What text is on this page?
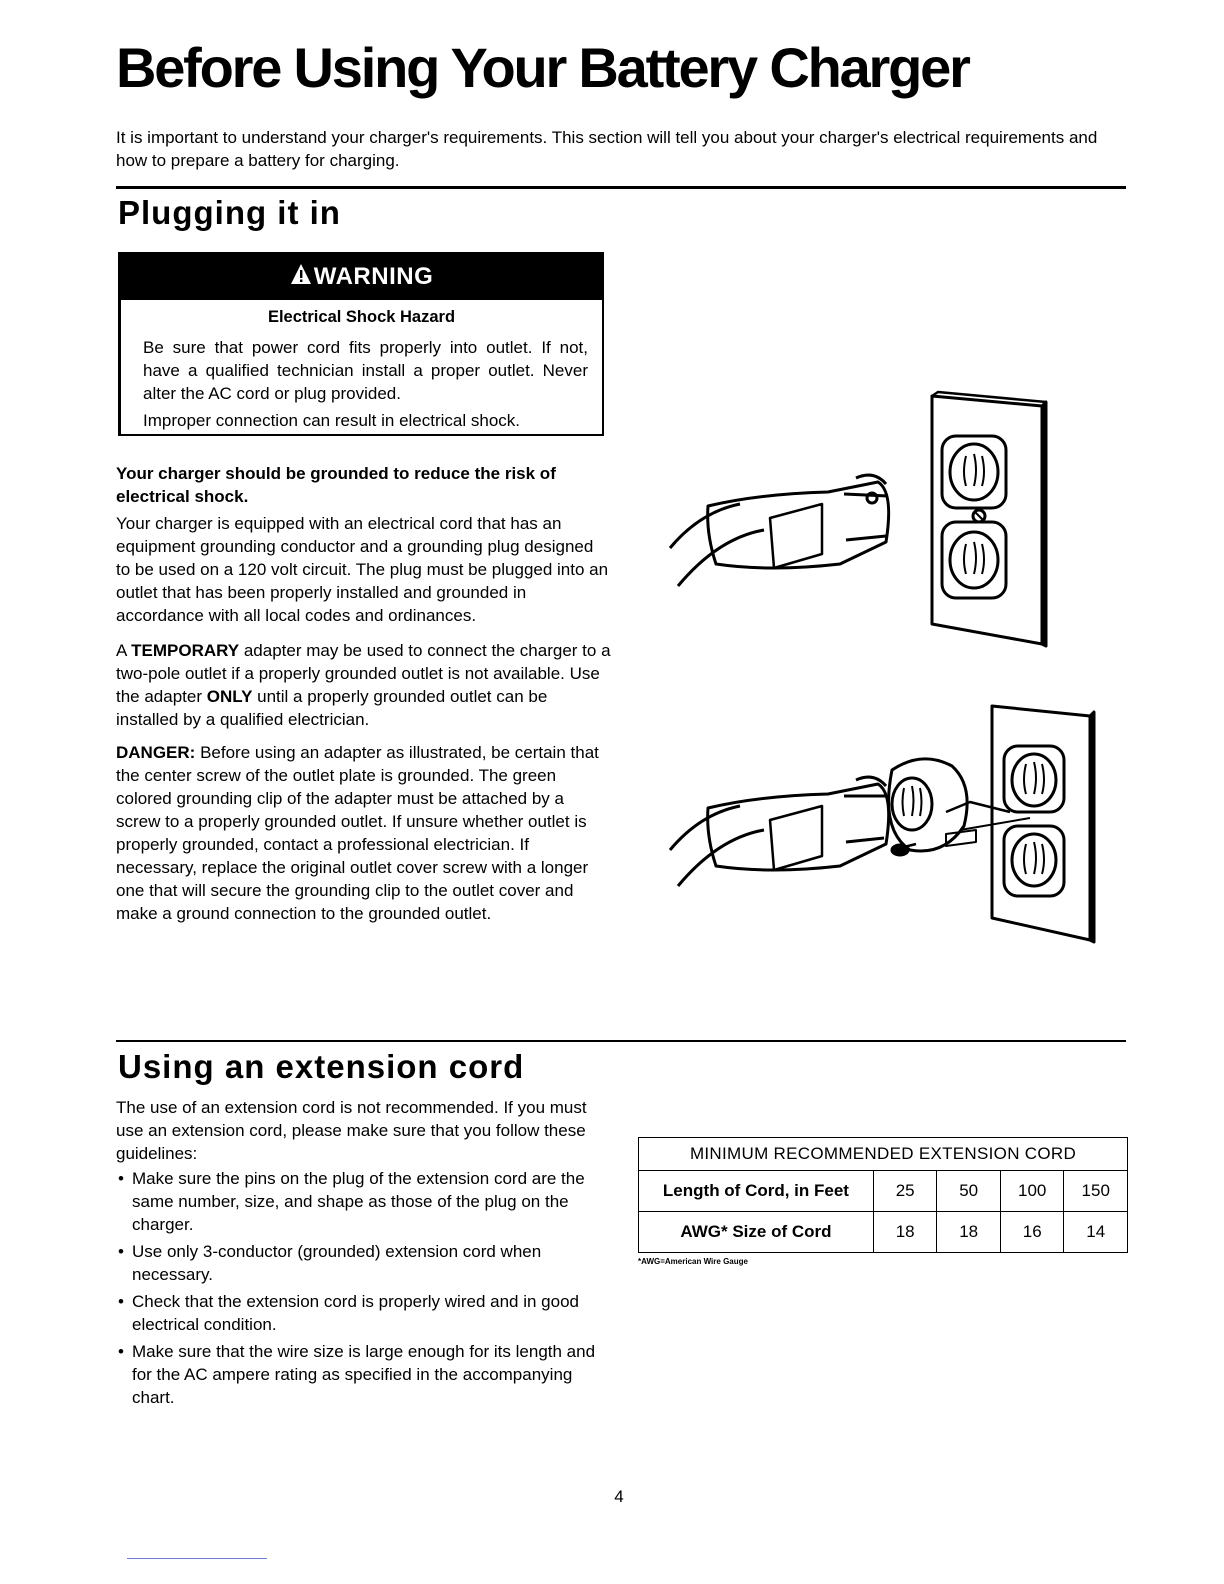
Before Using Your Battery Charger
It is important to understand your charger's requirements. This section will tell you about your charger's electrical requirements and how to prepare a battery for charging.
Plugging it in
WARNING
Electrical Shock Hazard

Be sure that power cord fits properly into outlet. If not, have a qualified technician install a proper outlet. Never alter the AC cord or plug provided.

Improper connection can result in electrical shock.

Your charger should be grounded to reduce the risk of electrical shock.

Your charger is equipped with an electrical cord that has an equipment grounding conductor and a grounding plug designed to be used on a 120 volt circuit. The plug must be plugged into an outlet that has been properly installed and grounded in accordance with all local codes and ordinances.

A TEMPORARY adapter may be used to connect the charger to a two-pole outlet if a properly grounded outlet is not available. Use the adapter ONLY until a properly grounded outlet can be installed by a qualified electrician.

DANGER: Before using an adapter as illustrated, be certain that the center screw of the outlet plate is grounded. The green colored grounding clip of the adapter must be attached by a screw to a properly grounded outlet. If unsure whether outlet is properly grounded, contact a professional electrician. If necessary, replace the original outlet cover screw with a longer one that will secure the grounding clip to the outlet cover and make a ground connection to the grounded outlet.

Using an extension cord

The use of an extension cord is not recommended. If you must use an extension cord, please make sure that you follow these guidelines:

• Make sure the pins on the plug of the extension cord are the same number, size, and shape as those of the plug on the charger.
• Use only 3-conductor (grounded) extension cord when necessary.
• Check that the extension cord is properly wired and in good electrical condition.
• Make sure that the wire size is large enough for its length and for the AC ampere rating as specified in the accompanying chart.
MINIMUM RECOMMENDED EXTENSION CORD
Length of Cord, in Feet	25	50	100	150
AWG* Size of Cord	18	18	16	14
*AWG=American Wire Gauge
4
